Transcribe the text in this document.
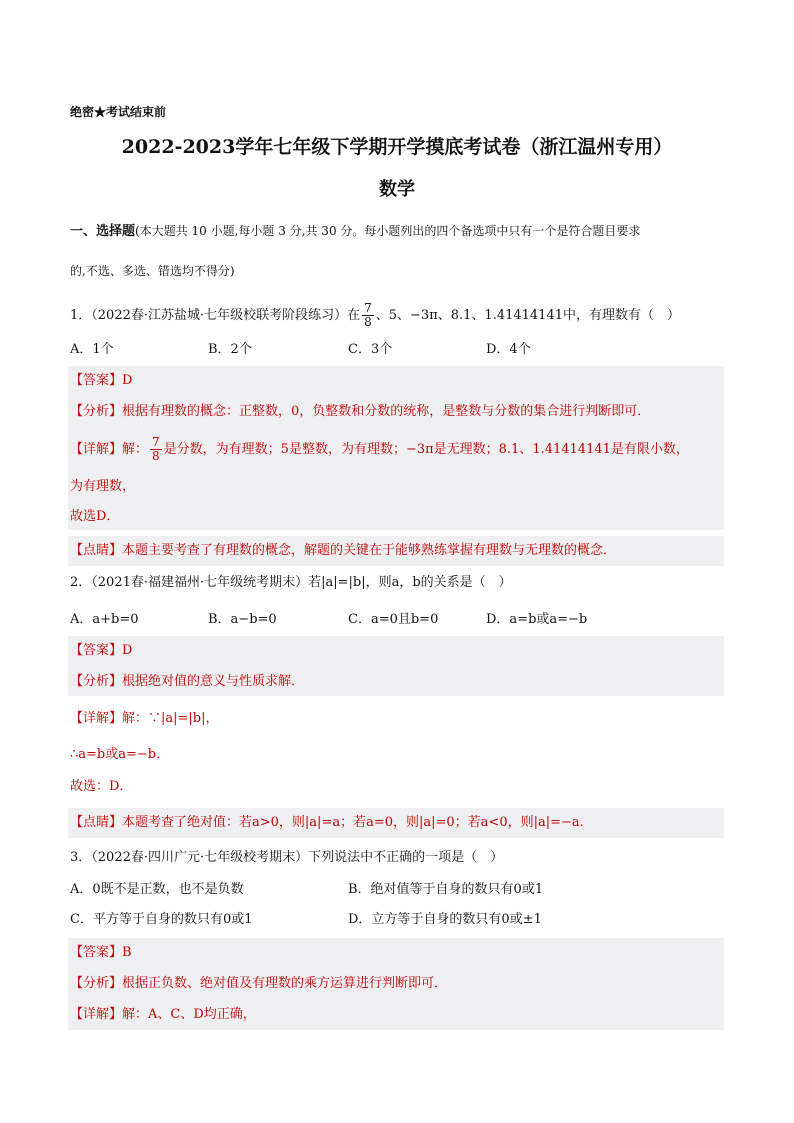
绝密★考试结束前
2022-2023学年七年级下学期开学摸底考试卷（浙江温州专用）
数学
一、选择题(本大题共 10 小题,每小题 3 分,共 30 分。每小题列出的四个备选项中只有一个是符合题目要求
的,不选、多选、错选均不得分)
1．（2022春·江苏盐城·七年级校联考阶段练习）在 $\frac{7}{8}$ 、5、−3π、8.1、1.41414141中，有理数有（　）
A．1个	B．2个	C．3个	D．4个
【答案】D
【分析】根据有理数的概念：正整数，0，负整数和分数的统称，是整数与分数的集合进行判断即可．
【详解】解： $\frac{7}{8}$ 是分数，为有理数；5是整数，为有理数；−3π是无理数；8.1、1.41414141是有限小数，
为有理数，
故选D．
【点睛】本题主要考查了有理数的概念，解题的关键在于能够熟练掌握有理数与无理数的概念．
2．（2021春·福建福州·七年级统考期末）若|a|=|b|，则a，b的关系是（　）
A．a+b=0	B．a−b=0	C．a=0且b=0	D．a=b或a=−b
【答案】D
【分析】根据绝对值的意义与性质求解．
【详解】解：∵|a|=|b|，
∴a=b或a=−b．
故选：D．
【点睛】本题考查了绝对值：若a>0，则|a|=a；若a=0，则|a|=0；若a<0，则|a|=−a．
3．（2022春·四川广元·七年级校考期末）下列说法中不正确的一项是（　）
A．0既不是正数，也不是负数	B．绝对值等于自身的数只有0或1
C．平方等于自身的数只有0或1	D．立方等于自身的数只有0或±1
【答案】B
【分析】根据正负数、绝对值及有理数的乘方运算进行判断即可．
【详解】解：A、C、D均正确，
